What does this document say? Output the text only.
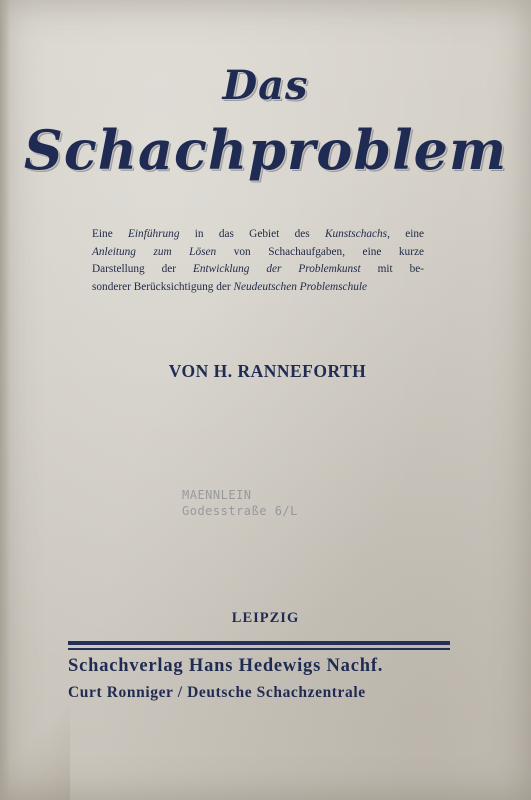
Das
Schachproblem
Eine Einführung in das Gebiet des Kunstschachs, eine
Anleitung zum Lösen von Schachaufgaben, eine kurze
Darstellung der Entwicklung der Problemkunst mit be-
sonderer Berücksichtigung der Neudeutschen Problemschule
VON H. RANNEFORTH
MAENNLEIN
Godesstraße 6/L
LEIPZIG
Schachverlag Hans Hedewigs Nachf.
Curt Ronniger / Deutsche Schachzentrale
